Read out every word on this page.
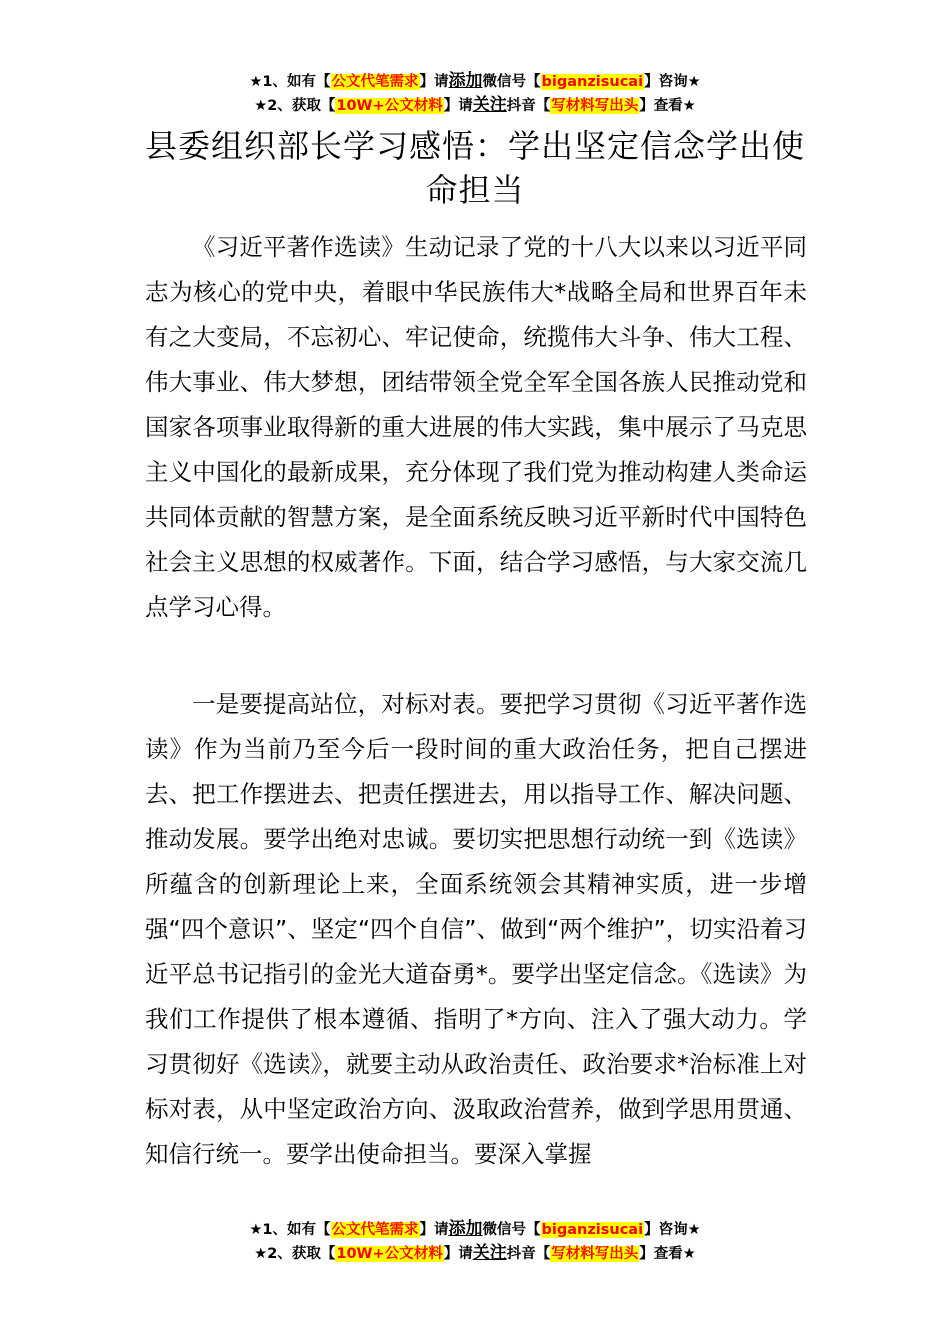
★1、如有【公文代笔需求】请添加微信号【biganzisucai】咨询★
★2、获取【10W+公文材料】请关注抖音【写材料写出头】查看★
县委组织部长学习感悟：学出坚定信念学出使命担当

《习近平著作选读》生动记录了党的十八大以来以习近平同志为核心的党中央，着眼中华民族伟大*战略全局和世界百年未有之大变局，不忘初心、牢记使命，统揽伟大斗争、伟大工程、伟大事业、伟大梦想，团结带领全党全军全国各族人民推动党和国家各项事业取得新的重大进展的伟大实践，集中展示了马克思主义中国化的最新成果，充分体现了我们党为推动构建人类命运共同体贡献的智慧方案，是全面系统反映习近平新时代中国特色社会主义思想的权威著作。下面，结合学习感悟，与大家交流几点学习心得。

一是要提高站位，对标对表。要把学习贯彻《习近平著作选读》作为当前乃至今后一段时间的重大政治任务，把自己摆进去、把工作摆进去、把责任摆进去，用以指导工作、解决问题、推动发展。要学出绝对忠诚。要切实把思想行动统一到《选读》所蕴含的创新理论上来，全面系统领会其精神实质，进一步增强“四个意识”、坚定“四个自信”、做到“两个维护”，切实沿着习近平总书记指引的金光大道奋勇*。要学出坚定信念。《选读》为我们工作提供了根本遵循、指明了*方向、注入了强大动力。学习贯彻好《选读》，就要主动从政治责任、政治要求*治标准上对标对表，从中坚定政治方向、汲取政治营养，做到学思用贯通、知信行统一。要学出使命担当。要深入掌握

★1、如有【公文代笔需求】请添加微信号【biganzisucai】咨询★
★2、获取【10W+公文材料】请关注抖音【写材料写出头】查看★
